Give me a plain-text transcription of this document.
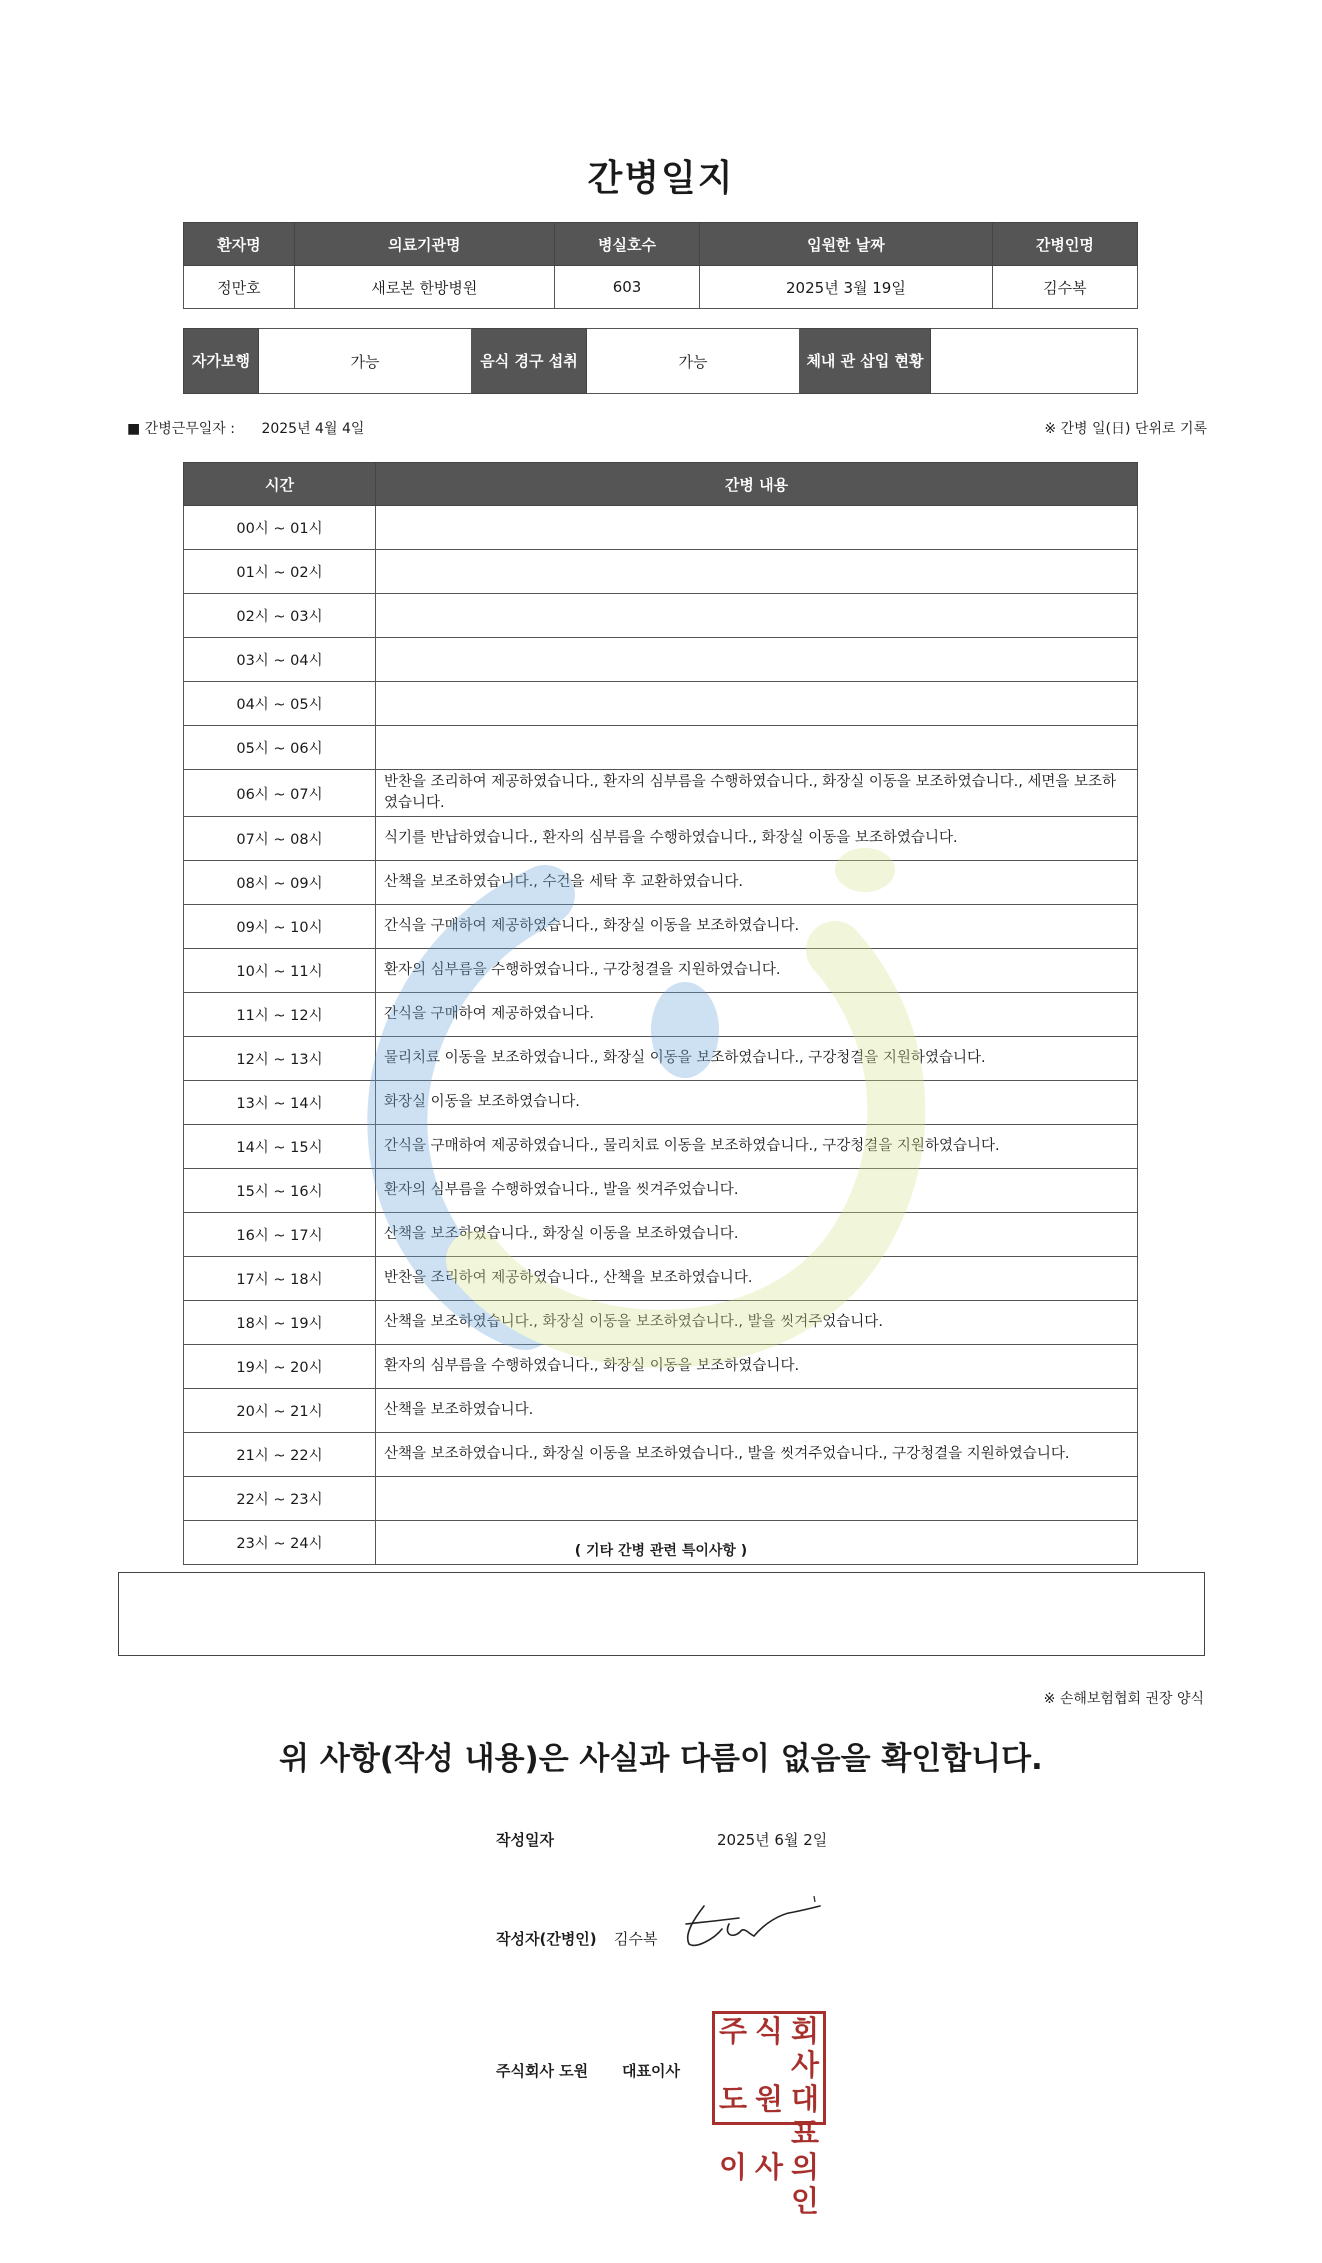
간병일지
환자명	의료기관명	병실호수	입원한 날짜	간병인명
정만호	새로본 한방병원	603	2025년 3월 19일	김수복
자가보행	가능	음식 경구 섭취	가능	체내 관 삽입 현황	
■ 간병근무일자 : 2025년 4월 4일	※ 간병 일(日) 단위로 기록
시간	간병 내용
00시 ~ 01시	
01시 ~ 02시	
02시 ~ 03시	
03시 ~ 04시	
04시 ~ 05시	
05시 ~ 06시	
06시 ~ 07시	반찬을 조리하여 제공하였습니다., 환자의 심부름을 수행하였습니다., 화장실 이동을 보조하였습니다., 세면을 보조하였습니다.
07시 ~ 08시	식기를 반납하였습니다., 환자의 심부름을 수행하였습니다., 화장실 이동을 보조하였습니다.
08시 ~ 09시	산책을 보조하였습니다., 수건을 세탁 후 교환하였습니다.
09시 ~ 10시	간식을 구매하여 제공하였습니다., 화장실 이동을 보조하였습니다.
10시 ~ 11시	환자의 심부름을 수행하였습니다., 구강청결을 지원하였습니다.
11시 ~ 12시	간식을 구매하여 제공하였습니다.
12시 ~ 13시	물리치료 이동을 보조하였습니다., 화장실 이동을 보조하였습니다., 구강청결을 지원하였습니다.
13시 ~ 14시	화장실 이동을 보조하였습니다.
14시 ~ 15시	간식을 구매하여 제공하였습니다., 물리치료 이동을 보조하였습니다., 구강청결을 지원하였습니다.
15시 ~ 16시	환자의 심부름을 수행하였습니다., 발을 씻겨주었습니다.
16시 ~ 17시	산책을 보조하였습니다., 화장실 이동을 보조하였습니다.
17시 ~ 18시	반찬을 조리하여 제공하였습니다., 산책을 보조하였습니다.
18시 ~ 19시	산책을 보조하였습니다., 화장실 이동을 보조하였습니다., 발을 씻겨주었습니다.
19시 ~ 20시	환자의 심부름을 수행하였습니다., 화장실 이동을 보조하였습니다.
20시 ~ 21시	산책을 보조하였습니다.
21시 ~ 22시	산책을 보조하였습니다., 화장실 이동을 보조하였습니다., 발을 씻겨주었습니다., 구강청결을 지원하였습니다.
22시 ~ 23시	
23시 ~ 24시		( 기타 간병 관련 특이사항 )
※ 손해보험협회 권장 양식
위 사항(작성 내용)은 사실과 다름이 없음을 확인합니다.
작성일자	2025년 6월 2일
작성자(간병인) 김수복
주식회사 도원 대표이사
주 식 회사
도 원 대표
이 사 의인
